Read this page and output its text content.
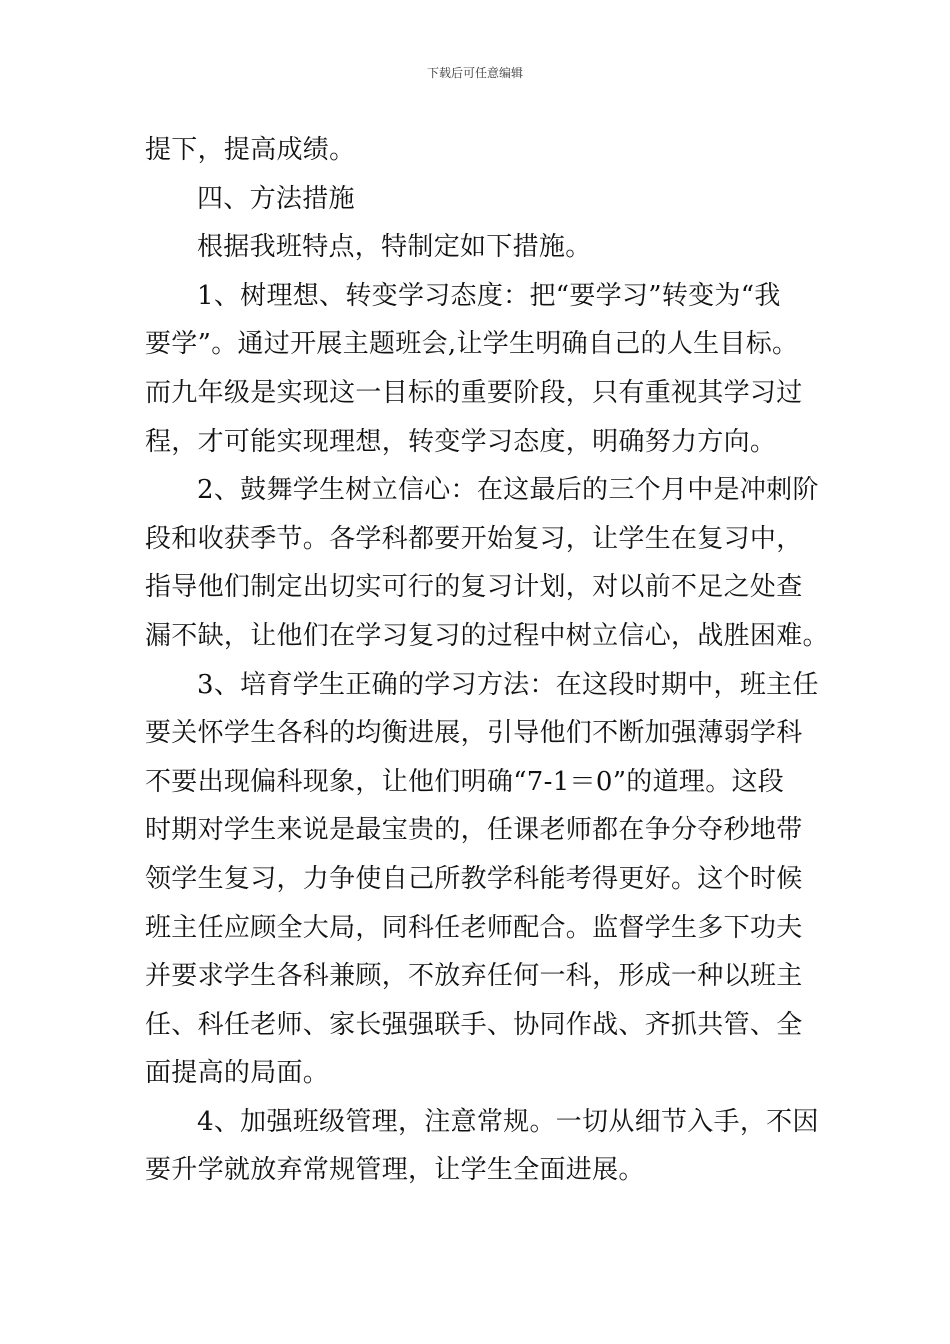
下载后可任意编辑
提下，提高成绩。
四、方法措施
根据我班特点，特制定如下措施。
1、树理想、转变学习态度：把“要学习”转变为“我
要学”。通过开展主题班会,让学生明确自己的人生目标。
而九年级是实现这一目标的重要阶段，只有重视其学习过
程，才可能实现理想，转变学习态度，明确努力方向。
2、鼓舞学生树立信心：在这最后的三个月中是冲刺阶
段和收获季节。各学科都要开始复习，让学生在复习中，
指导他们制定出切实可行的复习计划，对以前不足之处查
漏不缺，让他们在学习复习的过程中树立信心，战胜困难。
3、培育学生正确的学习方法：在这段时期中，班主任
要关怀学生各科的均衡进展，引导他们不断加强薄弱学科
不要出现偏科现象，让他们明确“7-1＝0”的道理。这段
时期对学生来说是最宝贵的，任课老师都在争分夺秒地带
领学生复习，力争使自己所教学科能考得更好。这个时候
班主任应顾全大局，同科任老师配合。监督学生多下功夫
并要求学生各科兼顾，不放弃任何一科，形成一种以班主
任、科任老师、家长强强联手、协同作战、齐抓共管、全
面提高的局面。
4、加强班级管理，注意常规。一切从细节入手，不因
要升学就放弃常规管理，让学生全面进展。
